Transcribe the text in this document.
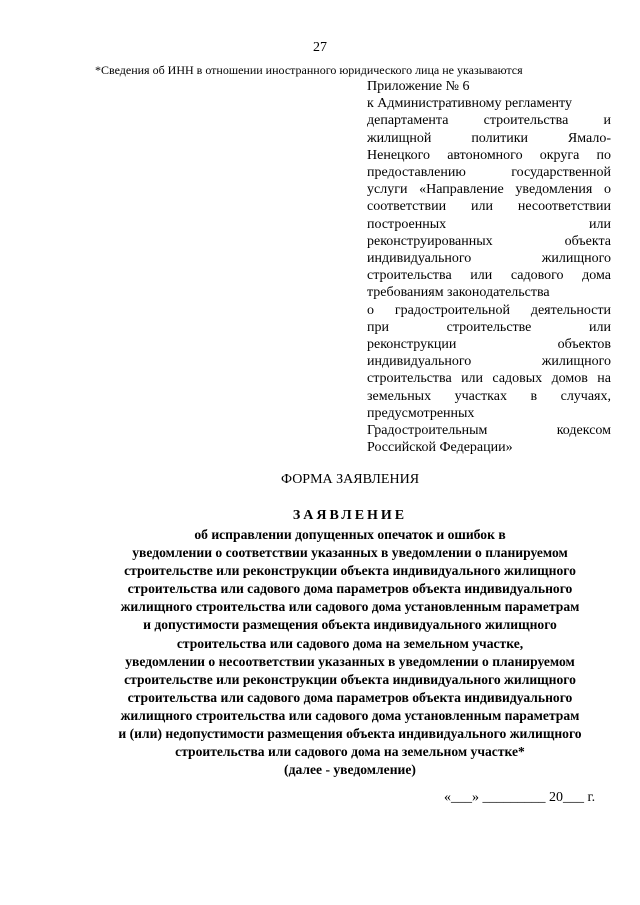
27
*Сведения об ИНН в отношении иностранного юридического лица не указываются
Приложение № 6
к Административному регламенту
департамента строительства и
жилищной политики Ямало-
Ненецкого автономного округа по
предоставлению государственной
услуги «Направление уведомления о
соответствии или несоответствии
построенных или
реконструированных объекта
индивидуального жилищного
строительства или садового дома
требованиям законодательства
о градостроительной деятельности
при строительстве или
реконструкции объектов
индивидуального жилищного
строительства или садовых домов на
земельных участках в случаях,
предусмотренных
Градостроительным кодексом
Российской Федерации»
ФОРМА ЗАЯВЛЕНИЯ
ЗАЯВЛЕНИЕ
об исправлении допущенных опечаток и ошибок в
уведомлении о соответствии указанных в уведомлении о планируемом
строительстве или реконструкции объекта индивидуального жилищного
строительства или садового дома параметров объекта индивидуального
жилищного строительства или садового дома установленным параметрам
и допустимости размещения объекта индивидуального жилищного
строительства или садового дома на земельном участке,
уведомлении о несоответствии указанных в уведомлении о планируемом
строительстве или реконструкции объекта индивидуального жилищного
строительства или садового дома параметров объекта индивидуального
жилищного строительства или садового дома установленным параметрам
и (или) недопустимости размещения объекта индивидуального жилищного
строительства или садового дома на земельном участке*
(далее - уведомление)
«___» _________ 20___ г.
